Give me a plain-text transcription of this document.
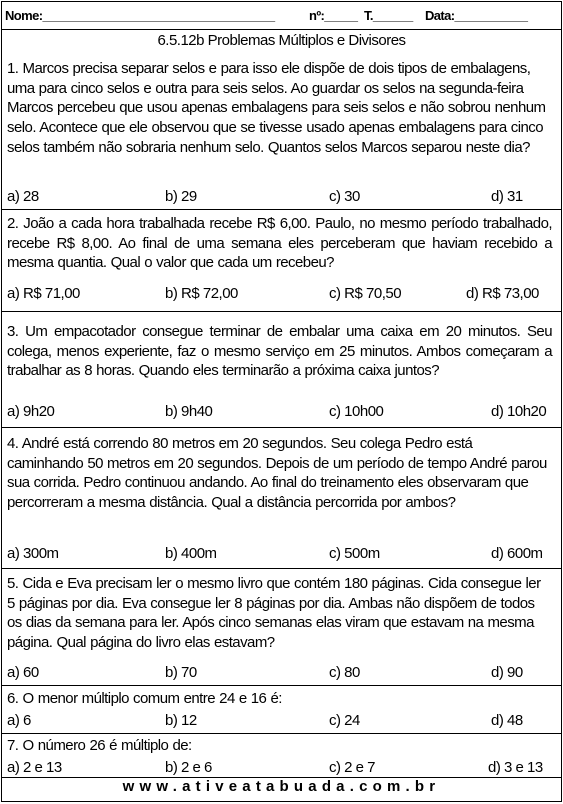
Nome:___________________________________	nº:_____ T.______ Data:___________
6.5.12b Problemas Múltiplos e Divisores
1. Marcos precisa separar selos e para isso ele dispõe de dois tipos de embalagens, uma para cinco selos e outra para seis selos. Ao guardar os selos na segunda-feira Marcos percebeu que usou apenas embalagens para seis selos e não sobrou nenhum selo. Acontece que ele observou que se tivesse usado apenas embalagens para cinco selos também não sobraria nenhum selo. Quantos selos Marcos separou neste dia?
a) 28	b) 29	c) 30	d) 31
2. João a cada hora trabalhada recebe R$ 6,00. Paulo, no mesmo período trabalhado, recebe R$ 8,00. Ao final de uma semana eles perceberam que haviam recebido a mesma quantia. Qual o valor que cada um recebeu?
a) R$ 71,00	b) R$ 72,00	c) R$ 70,50	d) R$ 73,00
3. Um empacotador consegue terminar de embalar uma caixa em 20 minutos. Seu colega, menos experiente, faz o mesmo serviço em 25 minutos. Ambos começaram a trabalhar as 8 horas. Quando eles terminarão a próxima caixa juntos?
a) 9h20	b) 9h40	c) 10h00	d) 10h20
4. André está correndo 80 metros em 20 segundos. Seu colega Pedro está caminhando 50 metros em 20 segundos. Depois de um período de tempo André parou sua corrida. Pedro continuou andando. Ao final do treinamento eles observaram que percorreram a mesma distância. Qual a distância percorrida por ambos?
a) 300m	b) 400m	c) 500m	d) 600m
5. Cida e Eva precisam ler o mesmo livro que contém 180 páginas. Cida consegue ler 5 páginas por dia. Eva consegue ler 8 páginas por dia. Ambas não dispõem de todos os dias da semana para ler. Após cinco semanas elas viram que estavam na mesma página. Qual página do livro elas estavam?
a) 60	b) 70	c) 80	d) 90
6. O menor múltiplo comum entre 24 e 16 é:
a) 6	b) 12	c) 24	d) 48
7. O número 26 é múltiplo de:
a) 2 e 13	b) 2 e 6	c) 2 e 7	d) 3 e 13
www.ativeatabuada.com.br
